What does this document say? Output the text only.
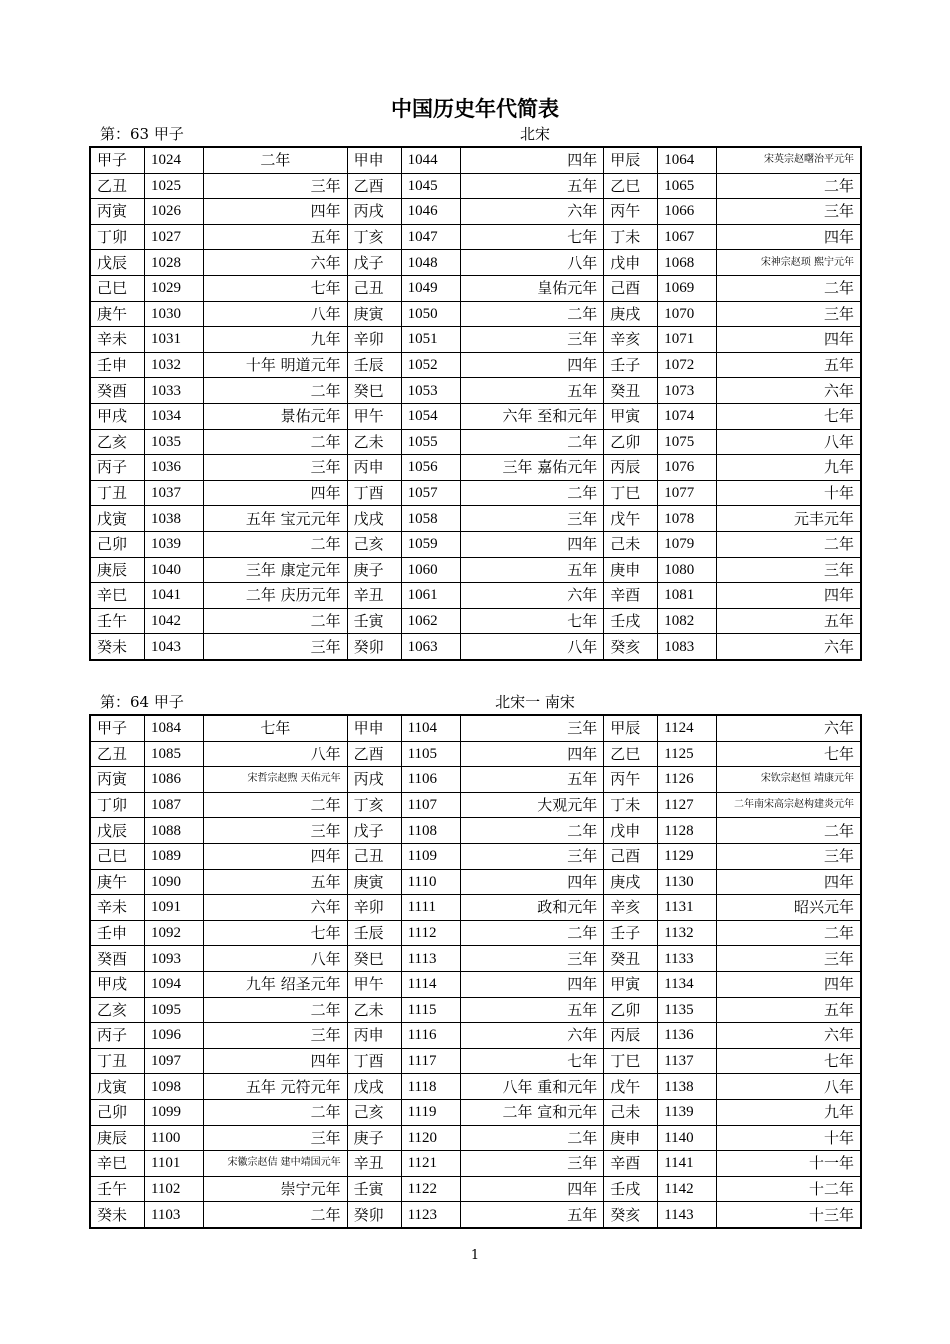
中国历史年代简表
第：63 甲子	北宋
甲子	1024	二年	甲申	1044	四年	甲辰	1064	宋英宗赵曙治平元年
乙丑	1025	三年	乙酉	1045	五年	乙巳	1065	二年
丙寅	1026	四年	丙戌	1046	六年	丙午	1066	三年
丁卯	1027	五年	丁亥	1047	七年	丁未	1067	四年
戊辰	1028	六年	戊子	1048	八年	戊申	1068	宋神宗赵顼 熙宁元年
己巳	1029	七年	己丑	1049	皇佑元年	己酉	1069	二年
庚午	1030	八年	庚寅	1050	二年	庚戌	1070	三年
辛未	1031	九年	辛卯	1051	三年	辛亥	1071	四年
壬申	1032	十年 明道元年	壬辰	1052	四年	壬子	1072	五年
癸酉	1033	二年	癸巳	1053	五年	癸丑	1073	六年
甲戌	1034	景佑元年	甲午	1054	六年 至和元年	甲寅	1074	七年
乙亥	1035	二年	乙未	1055	二年	乙卯	1075	八年
丙子	1036	三年	丙申	1056	三年 嘉佑元年	丙辰	1076	九年
丁丑	1037	四年	丁酉	1057	二年	丁巳	1077	十年
戊寅	1038	五年 宝元元年	戊戌	1058	三年	戊午	1078	元丰元年
己卯	1039	二年	己亥	1059	四年	己未	1079	二年
庚辰	1040	三年 康定元年	庚子	1060	五年	庚申	1080	三年
辛巳	1041	二年 庆历元年	辛丑	1061	六年	辛酉	1081	四年
壬午	1042	二年	壬寅	1062	七年	壬戌	1082	五年
癸未	1043	三年	癸卯	1063	八年	癸亥	1083	六年
第：64 甲子	北宋一 南宋
甲子	1084	七年	甲申	1104	三年	甲辰	1124	六年
乙丑	1085	八年	乙酉	1105	四年	乙巳	1125	七年
丙寅	1086	宋哲宗赵煦 天佑元年	丙戌	1106	五年	丙午	1126	宋钦宗赵恒 靖康元年
丁卯	1087	二年	丁亥	1107	大观元年	丁未	1127	二年南宋高宗赵构建炎元年
戊辰	1088	三年	戊子	1108	二年	戊申	1128	二年
己巳	1089	四年	己丑	1109	三年	己酉	1129	三年
庚午	1090	五年	庚寅	1110	四年	庚戌	1130	四年
辛未	1091	六年	辛卯	1111	政和元年	辛亥	1131	昭兴元年
壬申	1092	七年	壬辰	1112	二年	壬子	1132	二年
癸酉	1093	八年	癸巳	1113	三年	癸丑	1133	三年
甲戌	1094	九年 绍圣元年	甲午	1114	四年	甲寅	1134	四年
乙亥	1095	二年	乙未	1115	五年	乙卯	1135	五年
丙子	1096	三年	丙申	1116	六年	丙辰	1136	六年
丁丑	1097	四年	丁酉	1117	七年	丁巳	1137	七年
戊寅	1098	五年 元符元年	戊戌	1118	八年 重和元年	戊午	1138	八年
己卯	1099	二年	己亥	1119	二年 宣和元年	己未	1139	九年
庚辰	1100	三年	庚子	1120	二年	庚申	1140	十年
辛巳	1101	宋徽宗赵佶 建中靖国元年	辛丑	1121	三年	辛酉	1141	十一年
壬午	1102	崇宁元年	壬寅	1122	四年	壬戌	1142	十二年
癸未	1103	二年	癸卯	1123	五年	癸亥	1143	十三年
1
